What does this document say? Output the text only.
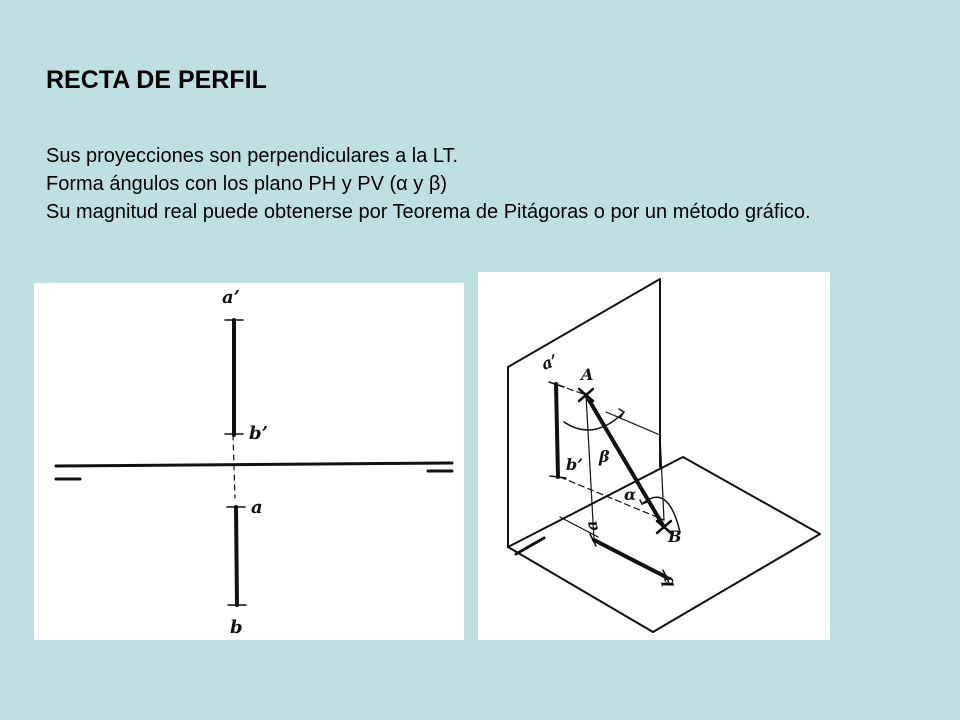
RECTA DE PERFIL

Sus proyecciones son perpendiculares a la LT.

Forma ángulos con los plano PH y PV (α y β)

Su magnitud real puede obtenerse por Teorema de Pitágoras o por un método gráfico.

a’
b’
a
b
a’
A
β
b’
α
a
B
b
